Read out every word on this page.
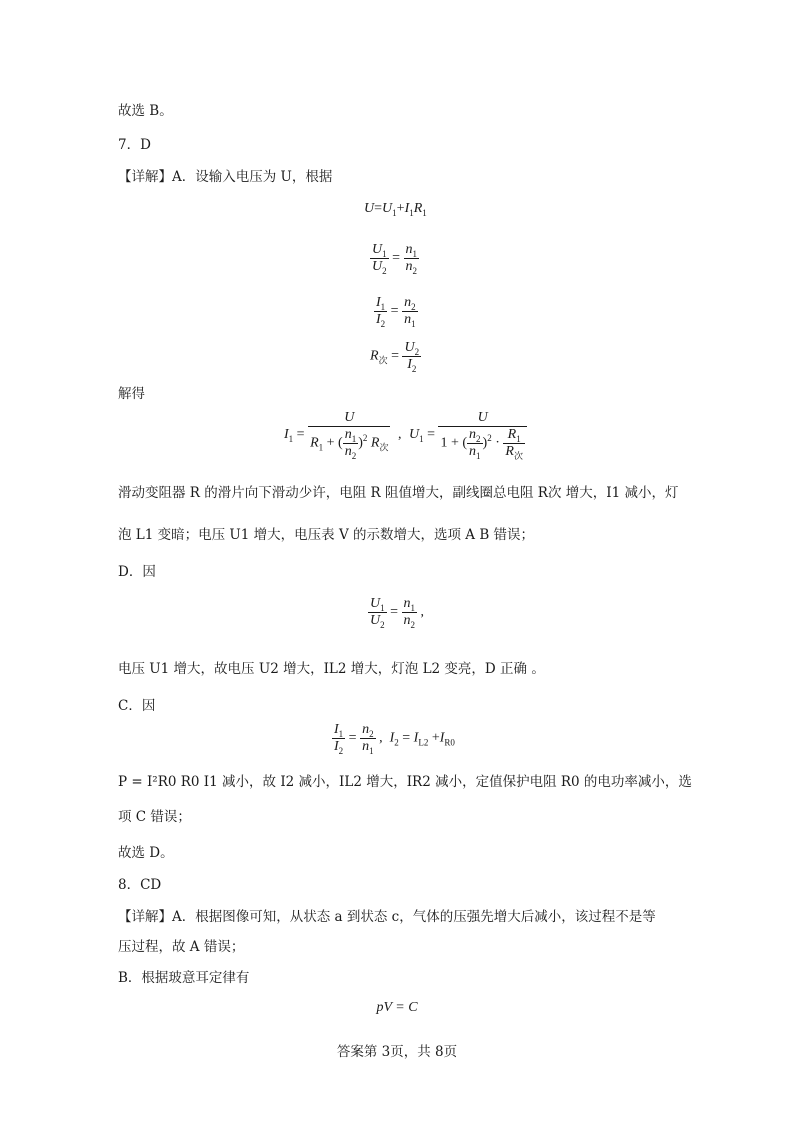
故选 B。
7．D
【详解】A．设输入电压为 U，根据
$U=U_1+I_1R_1$
$\frac{U_1}{U_2} = \frac{n_1}{n_2}$
$\frac{I_1}{I_2} = \frac{n_2}{n_1}$
$R_次 = \frac{U_2}{I_2}$
解得
$I_1 = \frac{U}{R_1 + ( \frac{n_1}{n_2} )^2 R_次}$ , $U_1 = \frac{U}{1 + ( \frac{n_2}{n_1} )^2 \cdot \frac{R_1}{R_次}}$
滑动变阻器 R 的滑片向下滑动少许，电阻 R 阻值增大，副线圈总电阻 R次 增大，I1 减小，灯
泡 L1 变暗；电压 U1 增大，电压表 V 的示数增大，选项 A B 错误；
D．因
$\frac{U_1}{U_2} = \frac{n_1}{n_2}$ ,
电压 U1 增大，故电压 U2 增大，IL2 增大，灯泡 L2 变亮，D 正确 。
C．因
$\frac{I_1}{I_2} = \frac{n_2}{n_1}$ ,  $I_2 = I_{L2} +I_{R0}$
P = I²R0 R0 I1 减小，故 I2 减小，IL2 增大，IR2 减小，定值保护电阻 R0 的电功率减小，选
项 C 错误；
故选 D。
8．CD
【详解】A．根据图像可知，从状态 a 到状态 c，气体的压强先增大后减小，该过程不是等
压过程，故 A 错误；
B．根据玻意耳定律有
pV = C
答案第 3页，共 8页
